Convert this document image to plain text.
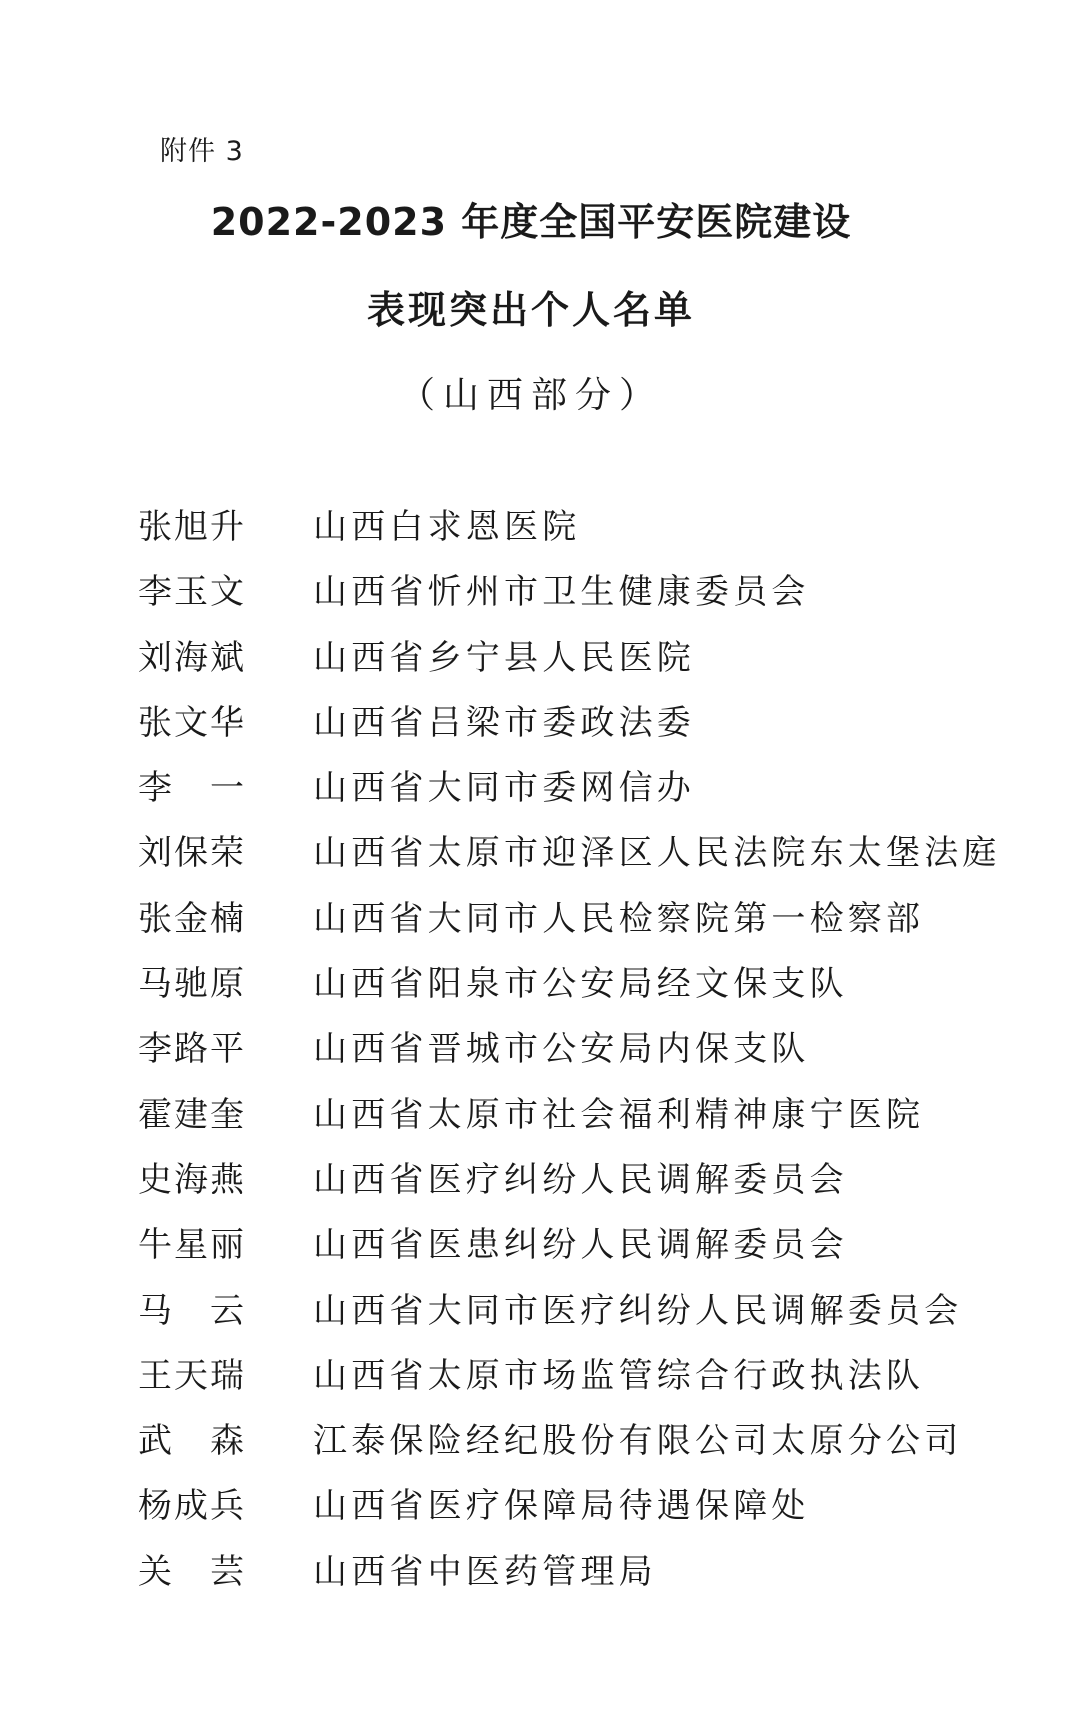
附件 3
2022-2023 年度全国平安医院建设
表现突出个人名单
（山西部分）
张旭升 山西白求恩医院
李玉文 山西省忻州市卫生健康委员会
刘海斌 山西省乡宁县人民医院
张文华 山西省吕梁市委政法委
李 一 山西省大同市委网信办
刘保荣 山西省太原市迎泽区人民法院东太堡法庭
张金楠 山西省大同市人民检察院第一检察部
马驰原 山西省阳泉市公安局经文保支队
李路平 山西省晋城市公安局内保支队
霍建奎 山西省太原市社会福利精神康宁医院
史海燕 山西省医疗纠纷人民调解委员会
牛星丽 山西省医患纠纷人民调解委员会
马 云 山西省大同市医疗纠纷人民调解委员会
王天瑞 山西省太原市场监管综合行政执法队
武 森 江泰保险经纪股份有限公司太原分公司
杨成兵 山西省医疗保障局待遇保障处
关 芸 山西省中医药管理局
